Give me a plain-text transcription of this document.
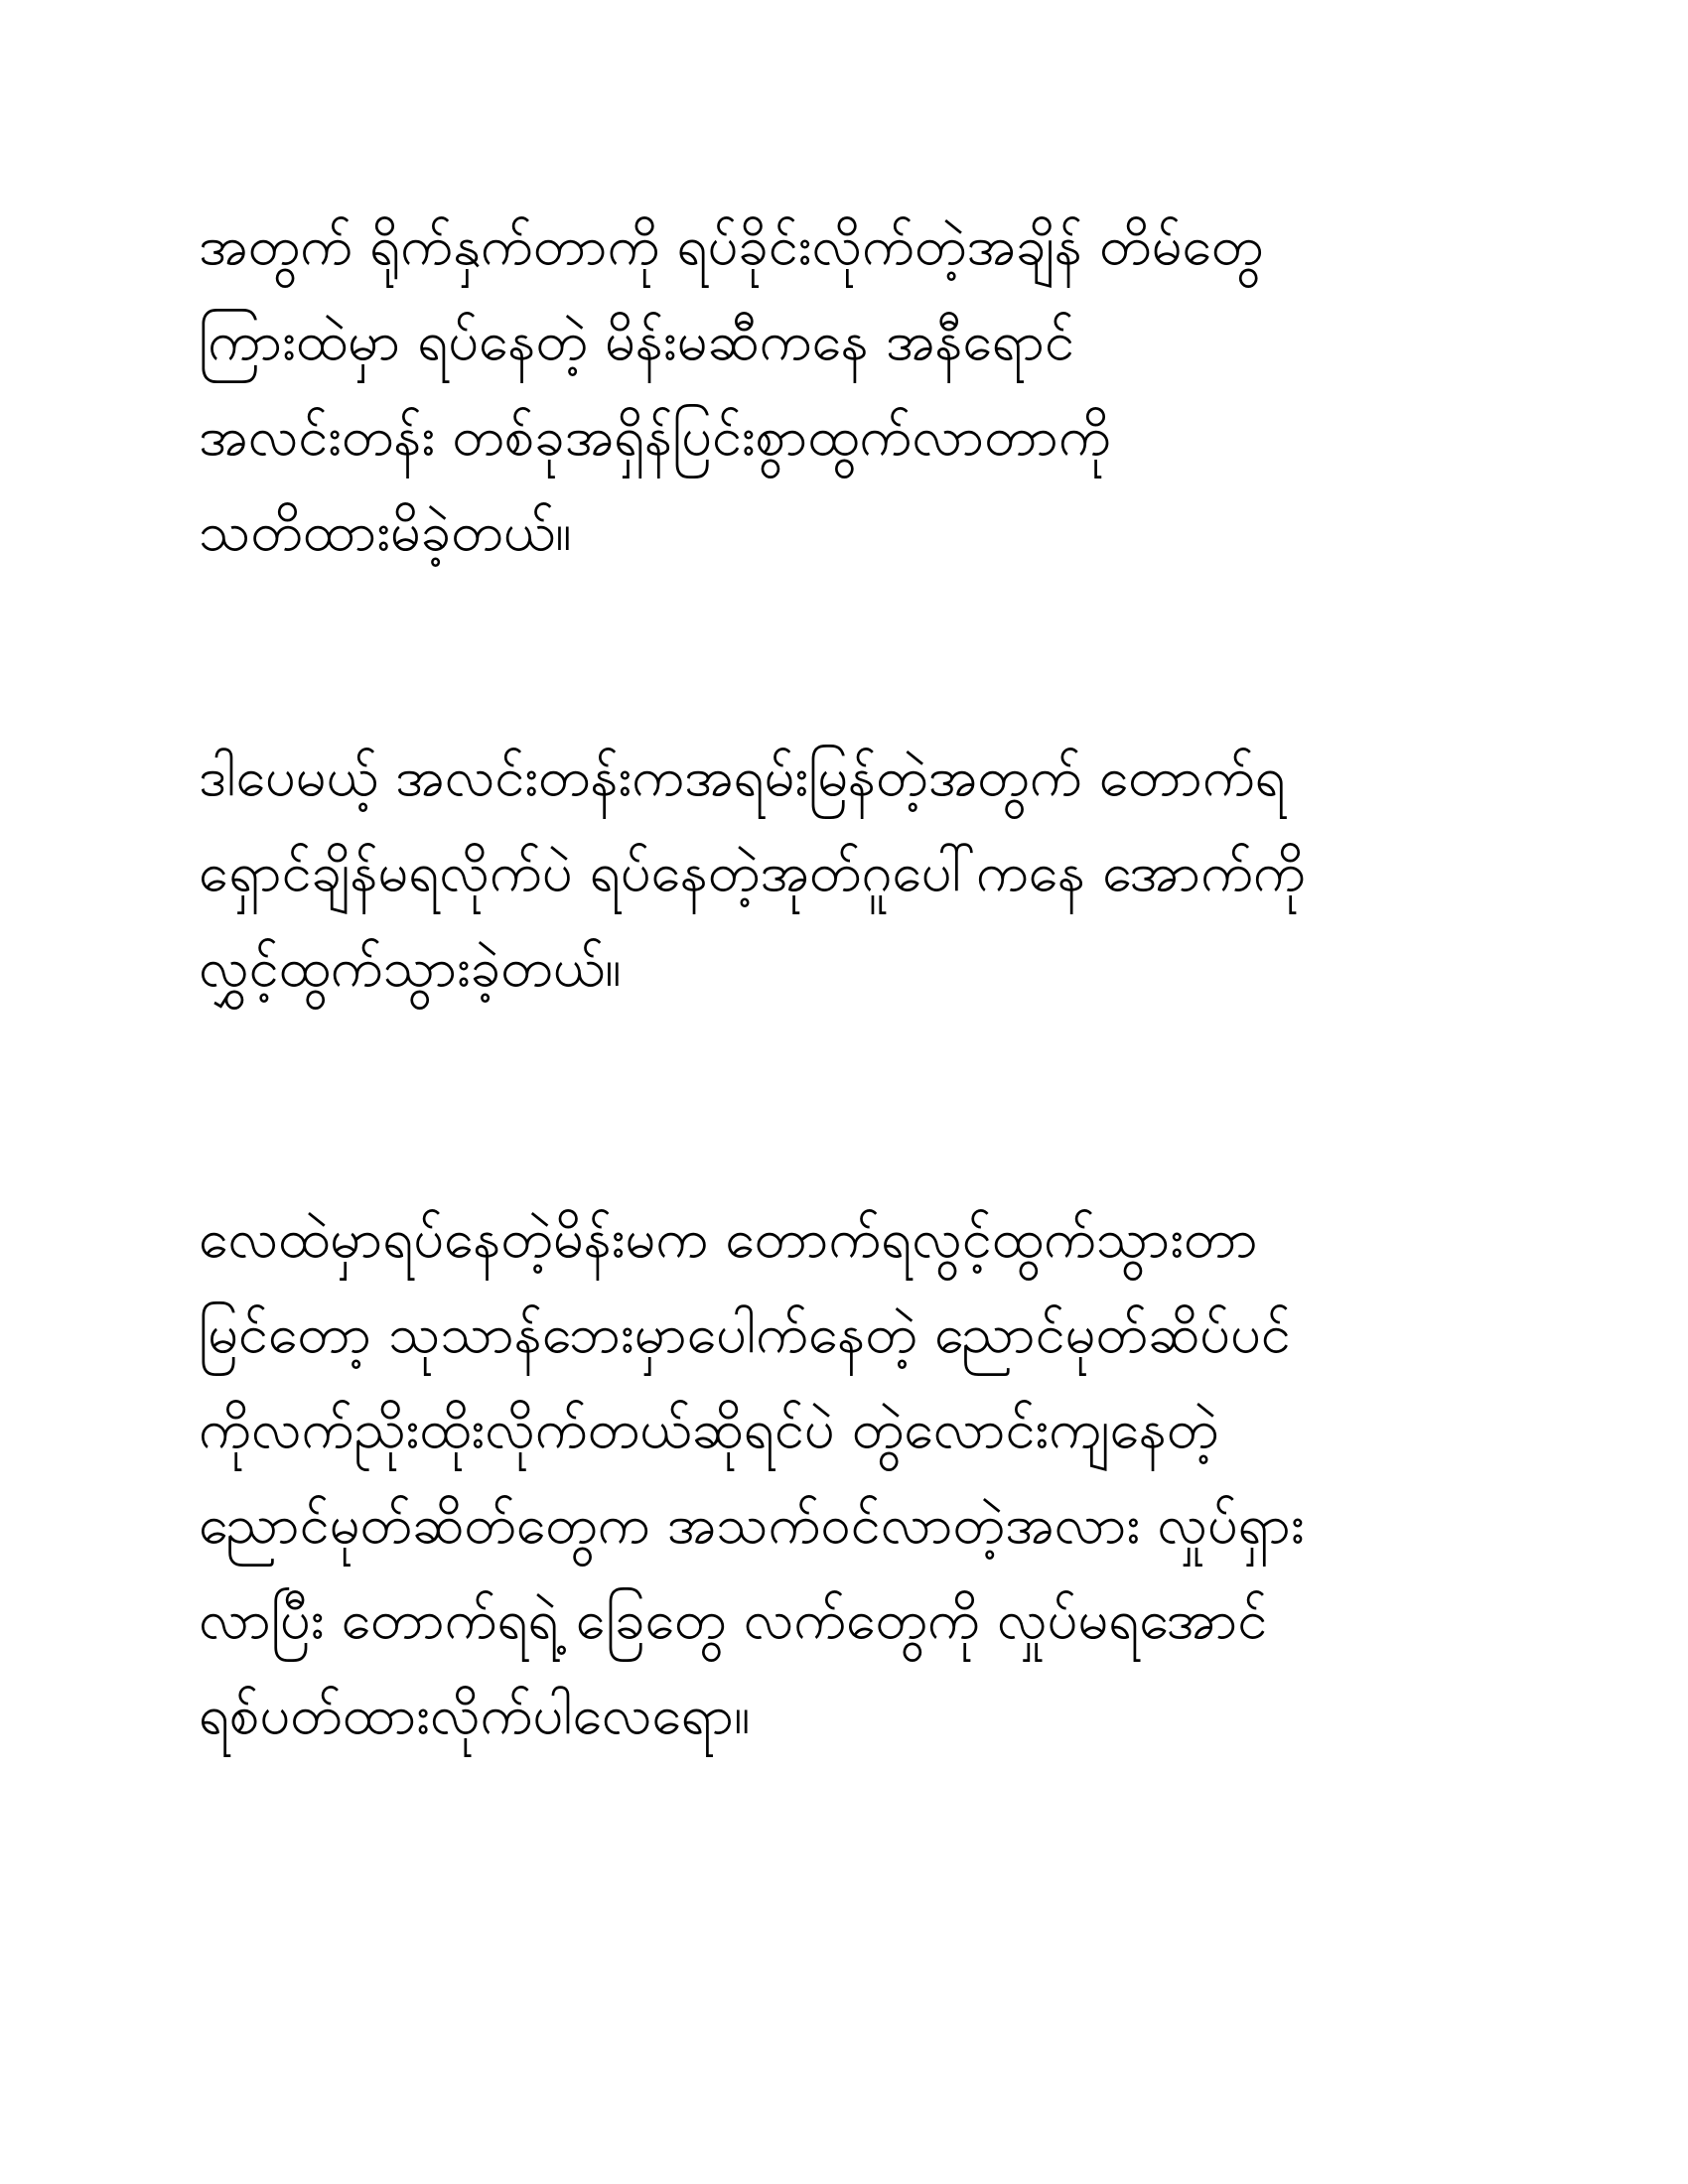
အတွက် ရိုက်နှက်တာကို ရပ်ခိုင်းလိုက်တဲ့အချိန် တိမ်တွေ
ကြားထဲမှာ ရပ်နေတဲ့ မိန်းမဆီကနေ အနီရောင်
အလင်းတန်း တစ်ခုအရှိန်ပြင်းစွာထွက်လာတာကို
သတိထားမိခဲ့တယ်။
ဒါပေမယ့် အလင်းတန်းကအရမ်းမြန်တဲ့အတွက် တောက်ရ
ရှောင်ချိန်မရလိုက်ပဲ ရပ်နေတဲ့အုတ်ဂူပေါ်ကနေ အောက်ကို
လွှင့်ထွက်သွားခဲ့တယ်။
လေထဲမှာရပ်နေတဲ့မိန်းမက တောက်ရလွင့်ထွက်သွားတာ
မြင်တော့ သုသာန်ဘေးမှာပေါက်နေတဲ့ ညောင်မုတ်ဆိပ်ပင်
ကိုလက်ညိုးထိုးလိုက်တယ်ဆိုရင်ပဲ တွဲလောင်းကျနေတဲ့
ညောင်မုတ်ဆိတ်တွေက အသက်ဝင်လာတဲ့အလား လှုပ်ရှား
လာပြီး တောက်ရရဲ့ ခြေတွေ လက်တွေကို လှုပ်မရအောင်
ရစ်ပတ်ထားလိုက်ပါလေရော။
